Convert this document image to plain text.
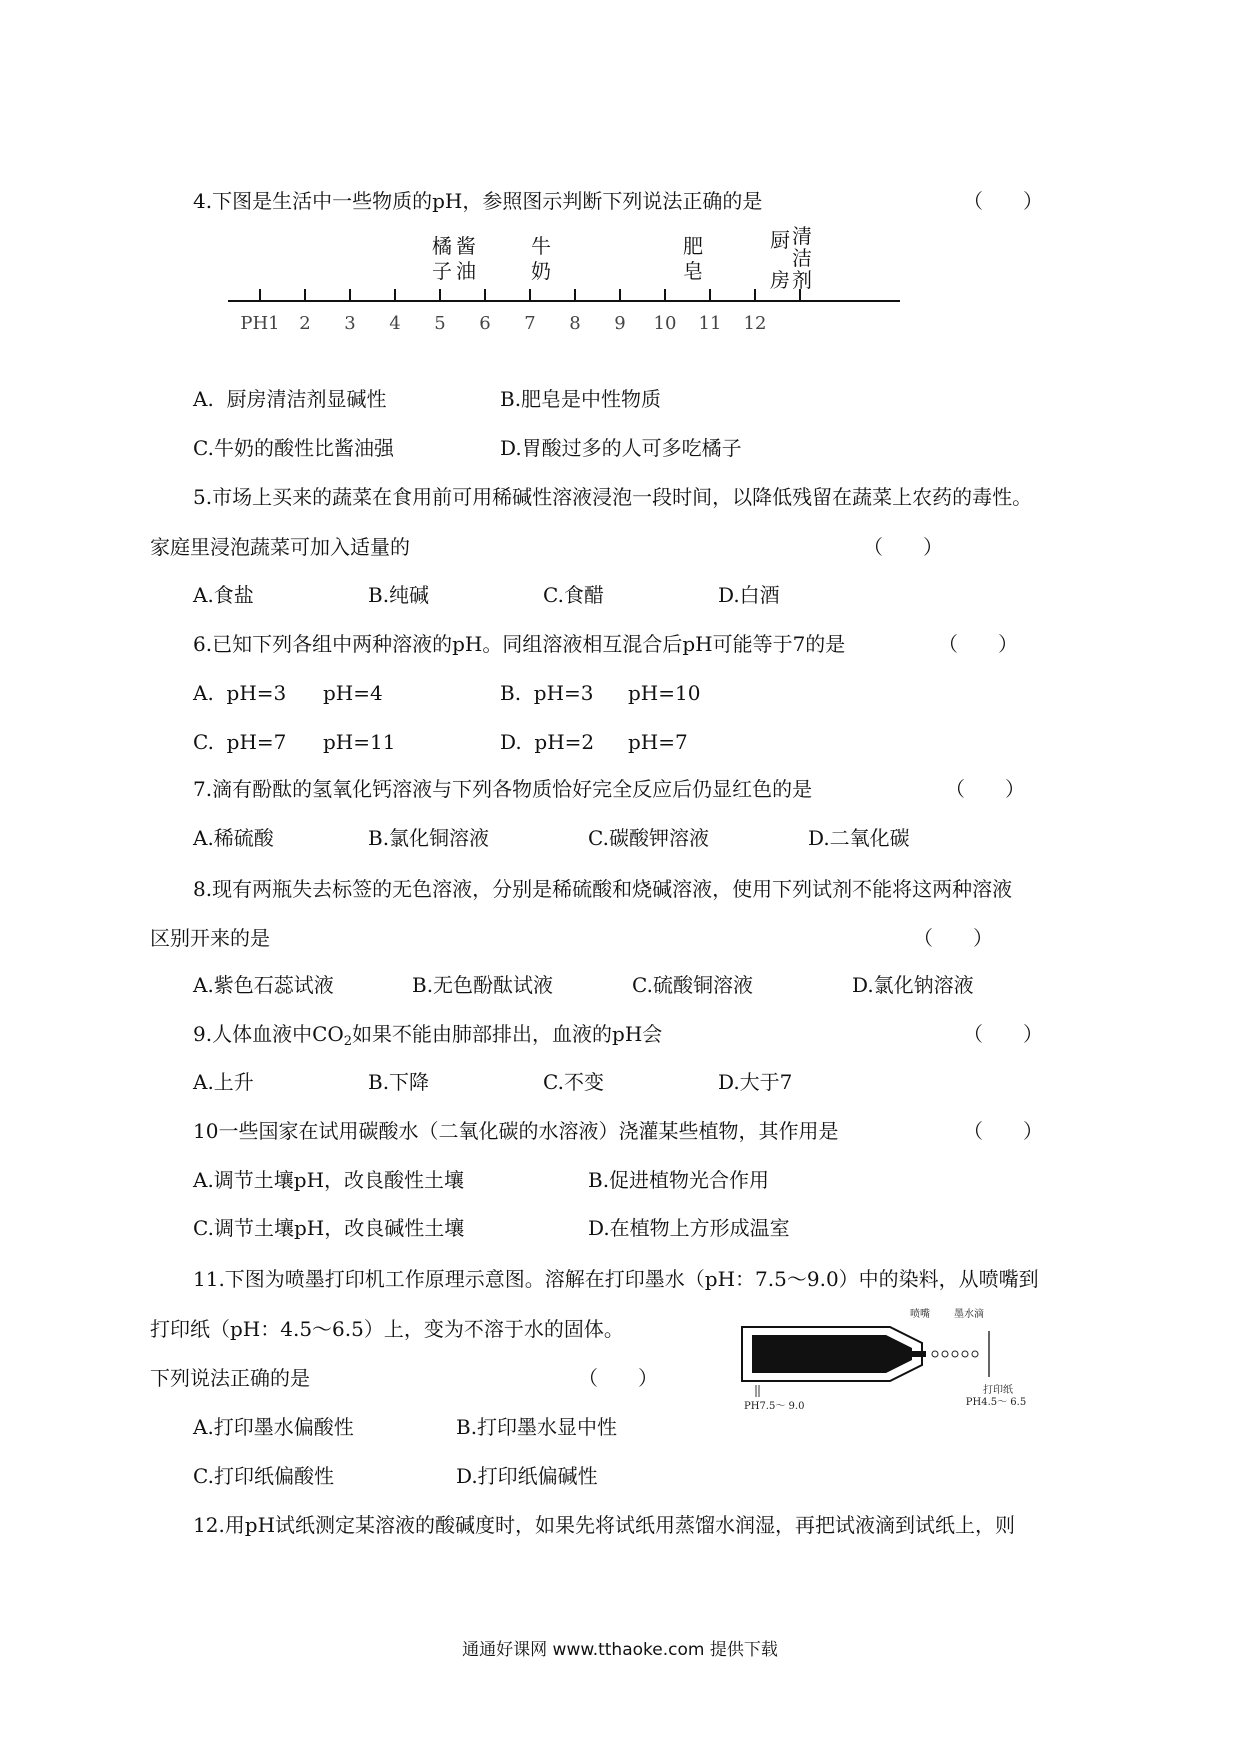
4.下图是生活中一些物质的pH，参照图示判断下列说法正确的是	（　　）
橘
子
酱
油
牛
奶
肥
皂
厨
房
清
洁
剂
2 3 4 5 6 7 8 9 10 11 12
PH1
A.  厨房清洁剂显碱性	B.肥皂是中性物质
C.牛奶的酸性比酱油强	D.胃酸过多的人可多吃橘子
5.市场上买来的蔬菜在食用前可用稀碱性溶液浸泡一段时间，以降低残留在蔬菜上农药的毒性。
家庭里浸泡蔬菜可加入适量的	（　　）
A.食盐	B.纯碱	C.食醋	D.白酒
6.已知下列各组中两种溶液的pH。同组溶液相互混合后pH可能等于7的是	（　　）
A.  pH=3 pH=4	B.  pH=3 pH=10
C.  pH=7 pH=11	D.  pH=2 pH=7
7.滴有酚酞的氢氧化钙溶液与下列各物质恰好完全反应后仍显红色的是	（　　）
A.稀硫酸	B.氯化铜溶液	C.碳酸钾溶液	D.二氧化碳
8.现有两瓶失去标签的无色溶液，分别是稀硫酸和烧碱溶液，使用下列试剂不能将这两种溶液
区别开来的是	（　　）
A.紫色石蕊试液	B.无色酚酞试液	C.硫酸铜溶液	D.氯化钠溶液
9.人体血液中$CO_2$如果不能由肺部排出，血液的pH会	（　　）
A.上升	B.下降	C.不变	D.大于7
10一些国家在试用碳酸水（二氧化碳的水溶液）浇灌某些植物，其作用是	（　　）
A.调节土壤pH，改良酸性土壤	B.促进植物光合作用
C.调节土壤pH，改良碱性土壤	D.在植物上方形成温室
11.下图为喷墨打印机工作原理示意图。溶解在打印墨水（pH：7.5～9.0）中的染料，从喷嘴到
打印纸（pH：4.5～6.5）上，变为不溶于水的固体。
下列说法正确的是	（　　）
喷嘴 墨水滴
PH7.5～ 9.0
打印纸
PH4.5～ 6.5
A.打印墨水偏酸性	B.打印墨水显中性
C.打印纸偏酸性	D.打印纸偏碱性
12.用pH试纸测定某溶液的酸碱度时，如果先将试纸用蒸馏水润湿，再把试液滴到试纸上，则
通通好课网 www.tthaoke.com 提供下载
